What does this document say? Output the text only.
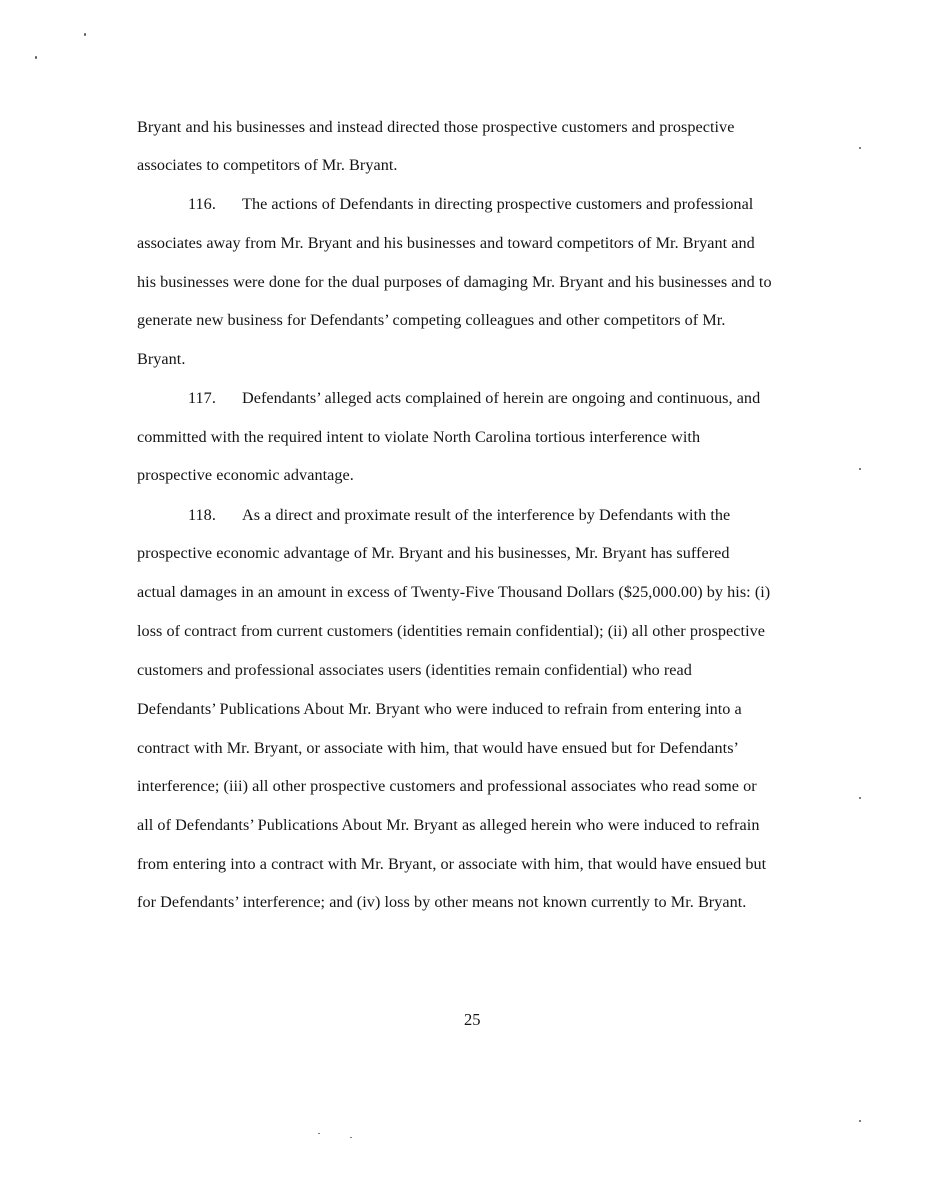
Bryant and his businesses and instead directed those prospective customers and prospective
associates to competitors of Mr. Bryant.
116. The actions of Defendants in directing prospective customers and professional
associates away from Mr. Bryant and his businesses and toward competitors of Mr. Bryant and
his businesses were done for the dual purposes of damaging Mr. Bryant and his businesses and to
generate new business for Defendants’ competing colleagues and other competitors of Mr.
Bryant.
117. Defendants’ alleged acts complained of herein are ongoing and continuous, and
committed with the required intent to violate North Carolina tortious interference with
prospective economic advantage.
118. As a direct and proximate result of the interference by Defendants with the
prospective economic advantage of Mr. Bryant and his businesses, Mr. Bryant has suffered
actual damages in an amount in excess of Twenty-Five Thousand Dollars ($25,000.00) by his: (i)
loss of contract from current customers (identities remain confidential); (ii) all other prospective
customers and professional associates users (identities remain confidential) who read
Defendants’ Publications About Mr. Bryant who were induced to refrain from entering into a
contract with Mr. Bryant, or associate with him, that would have ensued but for Defendants’
interference; (iii) all other prospective customers and professional associates who read some or
all of Defendants’ Publications About Mr. Bryant as alleged herein who were induced to refrain
from entering into a contract with Mr. Bryant, or associate with him, that would have ensued but
for Defendants’ interference; and (iv) loss by other means not known currently to Mr. Bryant.
25
